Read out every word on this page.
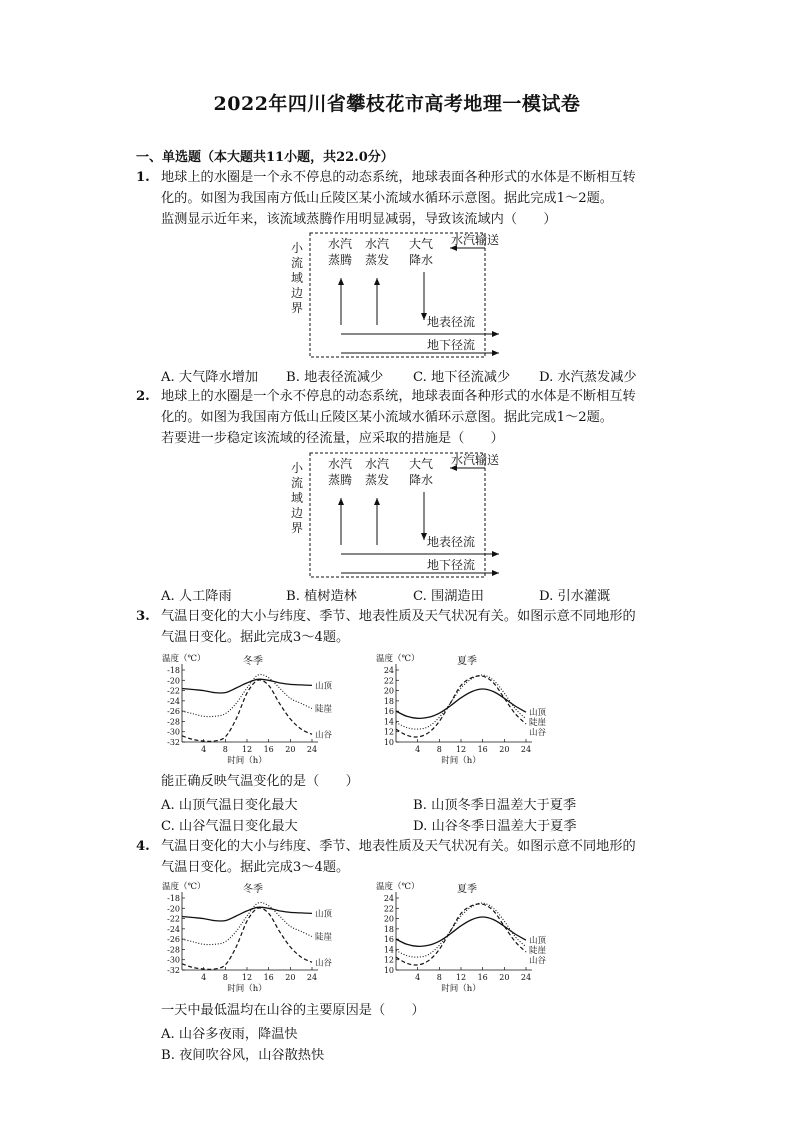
2022年四川省攀枝花市高考地理一模试卷
一、单选题（本大题共11小题，共22.0分）
1. 地球上的水圈是一个永不停息的动态系统，地球表面各种形式的水体是不断相互转
化的。如图为我国南方低山丘陵区某小流域水循环示意图。据此完成1～2题。
监测显示近年来，该流域蒸腾作用明显减弱，导致该流域内（　　）
小
流
域
边
界
水汽
蒸腾
水汽
蒸发
大气
降水
水汽输送
地表径流
地下径流
A. 大气降水增加 B. 地表径流减少 C. 地下径流减少 D. 水汽蒸发减少
2. 地球上的水圈是一个永不停息的动态系统，地球表面各种形式的水体是不断相互转
化的。如图为我国南方低山丘陵区某小流域水循环示意图。据此完成1～2题。
若要进一步稳定该流域的径流量，应采取的措施是（　　）
小
流
域
边
界
水汽
蒸腾
水汽
蒸发
大气
降水
水汽输送
地表径流
地下径流
A. 人工降雨	B. 植树造林	C. 围湖造田	D. 引水灌溉
3. 气温日变化的大小与纬度、季节、地表性质及天气状况有关。如图示意不同地形的
气温日变化。据此完成3～4题。
温度（℃）
时间（h）
冬季
-18
-20
-22
-24
-26
-28
-30
-32
4 8 12 16 20 24
山顶
陡崖
山谷
温度（℃）
时间（h）
夏季
24
22
20
18
16
14
12
10
4 8 12 16 20 24
陡崖
山顶
山谷
能正确反映气温变化的是（　　）
A. 山顶气温日变化最大	B. 山顶冬季日温差大于夏季
C. 山谷气温日变化最大	D. 山谷冬季日温差大于夏季
4. 气温日变化的大小与纬度、季节、地表性质及天气状况有关。如图示意不同地形的
气温日变化。据此完成3～4题。
温度（℃）
时间（h）
冬季
-18
-20
-22
-24
-26
-28
-30
-32
4 8 12 16 20 24
山顶
陡崖
山谷
温度（℃）
时间（h）
夏季
24
22
20
18
16
14
12
10
4 8 12 16 20 24
陡崖
山顶
山谷
一天中最低温均在山谷的主要原因是（　　）
A. 山谷多夜雨，降温快
B. 夜间吹谷风，山谷散热快
